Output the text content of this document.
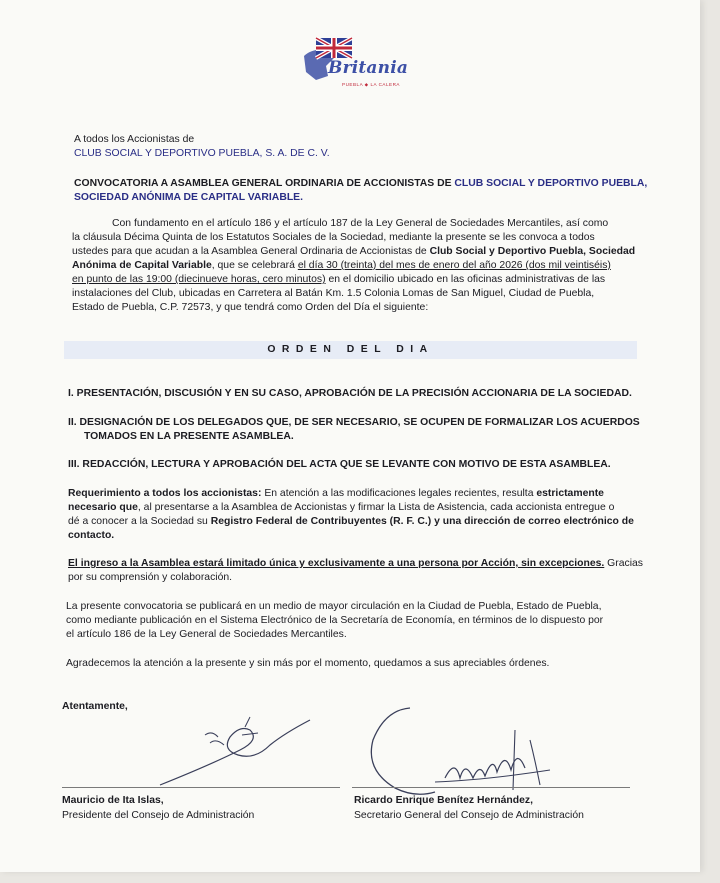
Britania
PUEBLA ◆ LA CALERA
A todos los Accionistas de
CLUB SOCIAL Y DEPORTIVO PUEBLA, S. A. DE C. V.
CONVOCATORIA A ASAMBLEA GENERAL ORDINARIA DE ACCIONISTAS DE CLUB SOCIAL Y DEPORTIVO PUEBLA,
SOCIEDAD ANÓNIMA DE CAPITAL VARIABLE.
Con fundamento en el artículo 186 y el artículo 187 de la Ley General de Sociedades Mercantiles, así como
la cláusula Décima Quinta de los Estatutos Sociales de la Sociedad, mediante la presente se les convoca a todos
ustedes para que acudan a la Asamblea General Ordinaria de Accionistas de Club Social y Deportivo Puebla, Sociedad
Anónima de Capital Variable, que se celebrará el día 30 (treinta) del mes de enero del año 2026 (dos mil veintiséis)
en punto de las 19:00 (diecinueve horas, cero minutos) en el domicilio ubicado en las oficinas administrativas de las
instalaciones del Club, ubicadas en Carretera al Batán Km. 1.5 Colonia Lomas de San Miguel, Ciudad de Puebla,
Estado de Puebla, C.P. 72573, y que tendrá como Orden del Día el siguiente:
ORDEN DEL DIA
I. PRESENTACIÓN, DISCUSIÓN Y EN SU CASO, APROBACIÓN DE LA PRECISIÓN ACCIONARIA DE LA SOCIEDAD.
II. DESIGNACIÓN DE LOS DELEGADOS QUE, DE SER NECESARIO, SE OCUPEN DE FORMALIZAR LOS ACUERDOS
TOMADOS EN LA PRESENTE ASAMBLEA.
III. REDACCIÓN, LECTURA Y APROBACIÓN DEL ACTA QUE SE LEVANTE CON MOTIVO DE ESTA ASAMBLEA.
Requerimiento a todos los accionistas: En atención a las modificaciones legales recientes, resulta estrictamente
necesario que, al presentarse a la Asamblea de Accionistas y firmar la Lista de Asistencia, cada accionista entregue o
dé a conocer a la Sociedad su Registro Federal de Contribuyentes (R. F. C.) y una dirección de correo electrónico de
contacto.
El ingreso a la Asamblea estará limitado única y exclusivamente a una persona por Acción, sin excepciones. Gracias
por su comprensión y colaboración.
La presente convocatoria se publicará en un medio de mayor circulación en la Ciudad de Puebla, Estado de Puebla,
como mediante publicación en el Sistema Electrónico de la Secretaría de Economía, en términos de lo dispuesto por
el artículo 186 de la Ley General de Sociedades Mercantiles.
Agradecemos la atención a la presente y sin más por el momento, quedamos a sus apreciables órdenes.
Atentamente,
Mauricio de Ita Islas,
Presidente del Consejo de Administración
Ricardo Enrique Benítez Hernández,
Secretario General del Consejo de Administración
